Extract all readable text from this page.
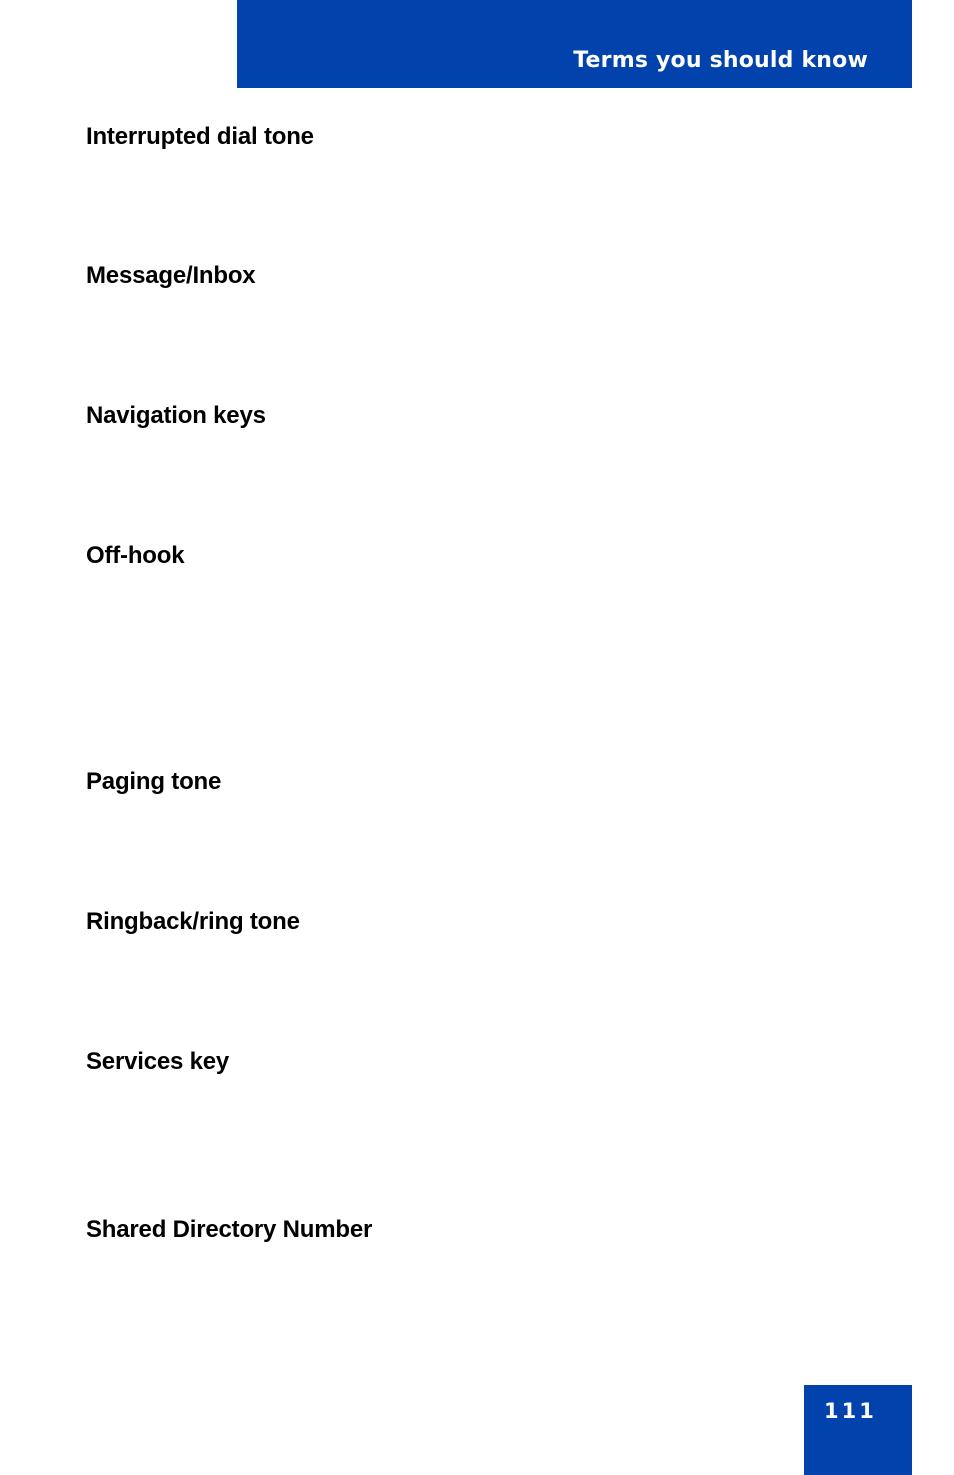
Terms you should know
Interrupted dial tone
Message/Inbox
Navigation keys
Off-hook
Paging tone
Ringback/ring tone
Services key
Shared Directory Number
111
